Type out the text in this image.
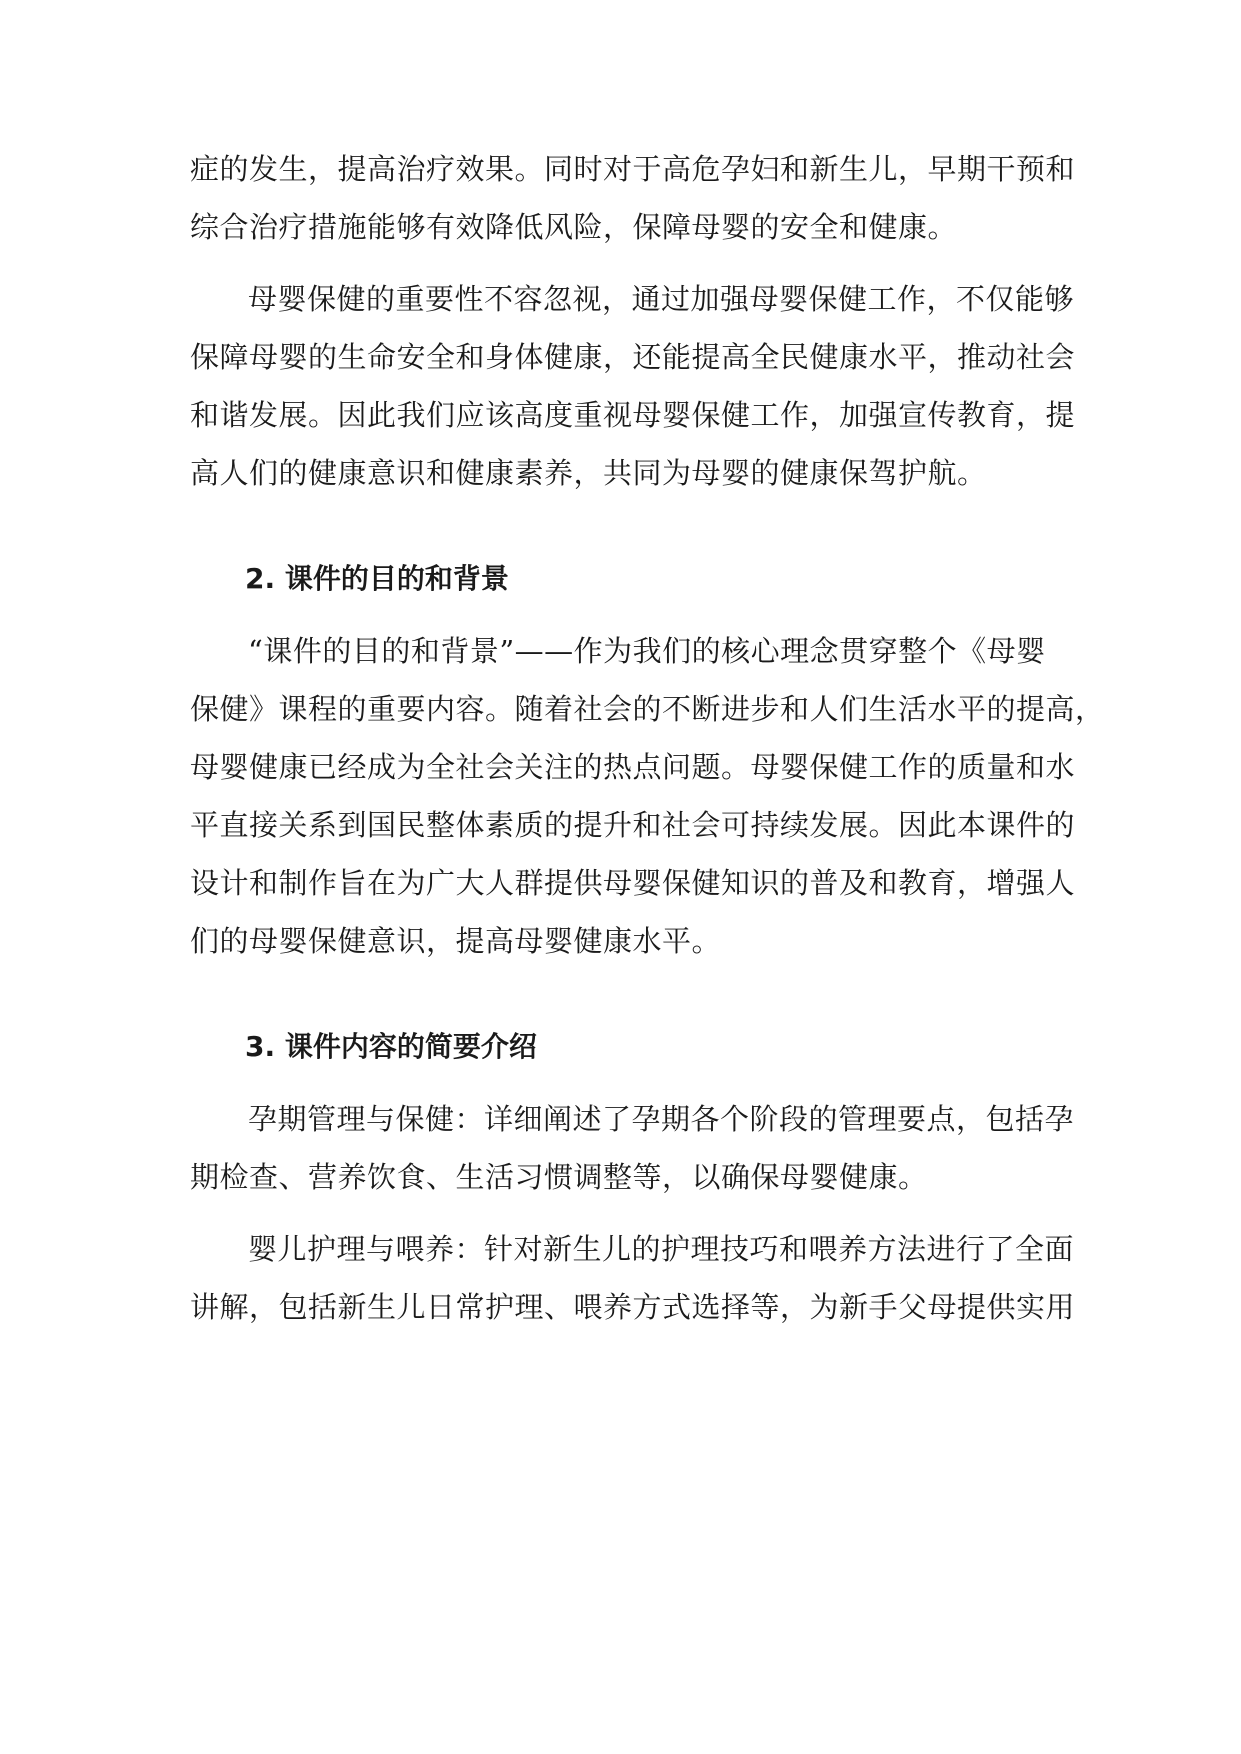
症的发生，提高治疗效果。同时对于高危孕妇和新生儿，早期干预和
综合治疗措施能够有效降低风险，保障母婴的安全和健康。
母婴保健的重要性不容忽视，通过加强母婴保健工作，不仅能够
保障母婴的生命安全和身体健康，还能提高全民健康水平，推动社会
和谐发展。因此我们应该高度重视母婴保健工作，加强宣传教育，提
高人们的健康意识和健康素养，共同为母婴的健康保驾护航。
2. 课件的目的和背景
“课件的目的和背景”——作为我们的核心理念贯穿整个《母婴
保健》课程的重要内容。随着社会的不断进步和人们生活水平的提高，
母婴健康已经成为全社会关注的热点问题。母婴保健工作的质量和水
平直接关系到国民整体素质的提升和社会可持续发展。因此本课件的
设计和制作旨在为广大人群提供母婴保健知识的普及和教育，增强人
们的母婴保健意识，提高母婴健康水平。
3. 课件内容的简要介绍
孕期管理与保健：详细阐述了孕期各个阶段的管理要点，包括孕
期检查、营养饮食、生活习惯调整等，以确保母婴健康。
婴儿护理与喂养：针对新生儿的护理技巧和喂养方法进行了全面
讲解，包括新生儿日常护理、喂养方式选择等，为新手父母提供实用
